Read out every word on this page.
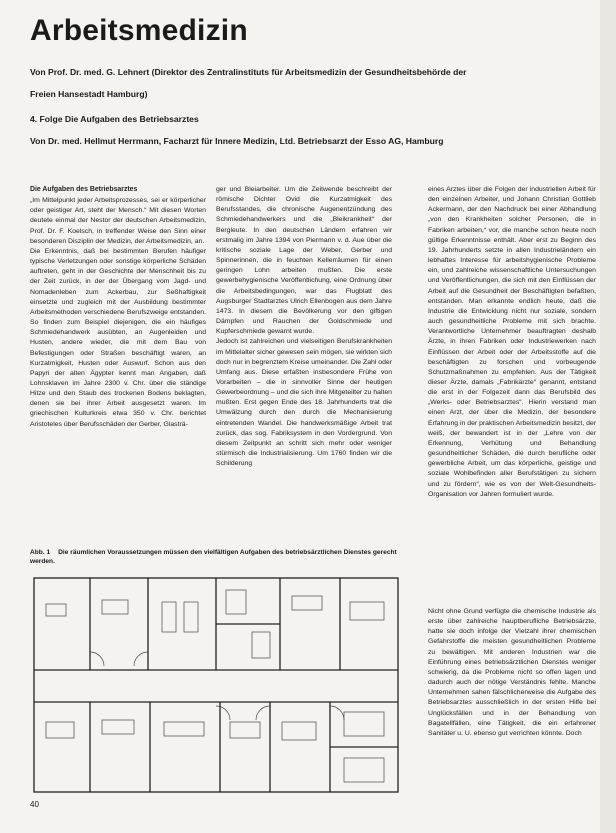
Arbeitsmedizin
Von Prof. Dr. med. G. Lehnert (Direktor des Zentralinstituts für Arbeitsmedizin der Gesundheitsbehörde der
Freien Hansestadt Hamburg)
4. Folge Die Aufgaben des Betriebsarztes
Von Dr. med. Hellmut Herrmann, Facharzt für Innere Medizin, Ltd. Betriebsarzt der Esso AG, Hamburg
Die Aufgaben des Betriebsarztes

„Im Mittelpunkt jeder Arbeitsprozesses, sei er körperlicher oder geistiger Art, steht der Mensch.“ Mit diesen Worten deutete einmal der Nestor der deutschen Arbeitsmedizin, Prof. Dr. F. Koelsch, in treffender Weise den Sinn einer besonderen Disziplin der Medizin, der Arbeitsmedizin, an.

Die Erkenntnis, daß bei bestimmten Berufen häufiger typische Verletzungen oder sonstige körperliche Schäden auftreten, geht in der Geschichte der Menschheit bis zu der Zeit zurück, in der der Übergang vom Jagd- und Nomadenleben zum Ackerbau, zur Seßhaftigkeit einsetzte und zugleich mit der Ausbildung bestimmter Arbeitsmethoden verschiedene Berufszweige entstanden. So finden zum Beispiel diejenigen, die ein häufiges Schmiedehandwerk ausübten, an Augenleiden und Husten, andere wieder, die mit dem Bau von Befestigungen oder Straßen beschäftigt waren, an Kurzatmigkeit, Husten oder Auswurf. Schon aus den Papyri der alten Ägypter kennt man Angaben, daß Lohnsklaven im Jahre 2300 v. Chr. über die ständige Hitze und den Staub des trockenen Bodens beklagten, denen sie bei ihrer Arbeit ausgesetzt waren. Im griechischen Kulturkreis etwa 350 v. Chr. berichtet Aristoteles über Berufsschäden der Gerber, Glasträ-

ger und Bleiarbeiter. Um die Zeitwende beschreibt der römische Dichter Ovid die Kurzatmigkeit des Berufsstandes, die chronische Augenentzündung des Schmiedehandwerkers und die „Bleikrankheit“ der Bergleute. In den deutschen Ländern erfahren wir erstmalig im Jahre 1394 von Piermann v. d. Aue über die kritische soziale Lage der Weber, Gerber und Spinnerinnen, die in feuchten Kellerräumen für einen geringen Lohn arbeiten mußten. Die erste gewerbehygienische Veröffentlichung, eine Ordnung über die Arbeitsbedingungen, war das Flugblatt des Augsburger Stadtarztes Ulrich Ellenbogen aus dem Jahre 1473. In diesem die Bevölkerung vor den giftigen Dämpfen und Rauchen der Goldschmiede und Kupferschmiede gewarnt wurde.

Jedoch ist zahlreichen und vielseitigen Berufskrankheiten im Mittelalter sicher gewesen sein mögen, sie wirkten sich doch nur in begrenztem Kreise umeinander. Die Zahl oder Umfang aus. Diese erfaßten insbesondere Frühe von Vorarbeiten – die in sinnvoller Sinne der heutigen Gewerbeordnung – und die sich ihre Mitgeteilter zu halten mußten. Erst gegen Ende des 18. Jahrhunderts trat die Umwälzung durch den durch die Mechanisierung eintretenden Wandel. Die handwerksmäßige Arbeit trat zurück, das sog. Fabriksystem in den Vordergrund. Von diesem Zeitpunkt an schritt sich mehr oder weniger stürmisch die Industrialisierung. Um 1760 finden wir die Schilderung

eines Arztes über die Folgen der industriellen Arbeit für den einzelnen Arbeiter, und Johann Christian Gottlieb Ackermann, der den Nachdruck bei einer Abhandlung „von den Krankheiten solcher Personen, die in Fabriken arbeiten,“ vor, die manche schon heute noch gültige Erkenntnisse enthält. Aber erst zu Beginn des 19. Jahrhunderts setzte in allen Industrieländern ein lebhaftes Interesse für arbeitshygienische Probleme ein, und zahlreiche wissenschaftliche Untersuchungen und Veröffentlichungen, die sich mit den Einflüssen der Arbeit auf die Gesundheit der Beschäftigten befaßten, entstanden. Man erkannte endlich heute, daß die Industrie die Entwicklung nicht nur soziale, sondern auch gesundheitliche Probleme mit sich brachte. Verantwortliche Unternehmer beauftragten deshalb Ärzte, in ihren Fabriken oder Industriewerken nach Einflüssen der Arbeit oder der Arbeitsstoffe auf die beschäftigten zu forschen und vorbeugende Schutzmaßnahmen zu empfehlen. Aus der Tätigkeit dieser Ärzte, damals „Fabrikärzte“ genannt, entstand die erst in der Folgezeit dann das Berufsbild des „Werks- oder Betriebsarztes“. Hierin verstand man einen Arzt, der über die Medizin, der besondere Erfahrung in der praktischen Arbeitsmedizin besitzt, der weiß, der bewandert ist in der „Lehre von der Erkennung, Verhütung und Behandlung gesundheitlicher Schäden, die durch berufliche oder gewerbliche Arbeit, um das körperliche, geistige und soziale Wohlbefinden aller Berufstätigen zu sichern und zu fördern“, wie es von der Welt-Gesundheits-Organisation vor Jahren formuliert wurde.

Nicht ohne Grund verfügte die chemische Industrie als erste über zahlreiche hauptberufliche Betriebsärzte, hatte sie doch infolge der Vielzahl ihrer chemischen Gefahrstoffe die meisten gesundheitlichen Probleme zu bewältigen. Mit anderen Industrien war die Einführung eines betriebsärztlichen Dienstes weniger schwierig, da die Probleme nicht so offen lagen und dadurch auch der nötige Verständnis fehlte. Manche Unternehmen sahen fälschlicherweise die Aufgabe des Betriebsarztes ausschließlich in der ersten Hilfe bei Unglücksfällen und in der Behandlung von Bagatellfällen, eine Tätigkeit, die ein erfahrener Sanitäter u. U. ebenso gut verrichten könnte. Doch

Abb. 1 Die räumlichen Voraussetzungen müssen den vielfältigen Aufgaben des betriebsärztlichen Dienstes gerecht werden.
40
